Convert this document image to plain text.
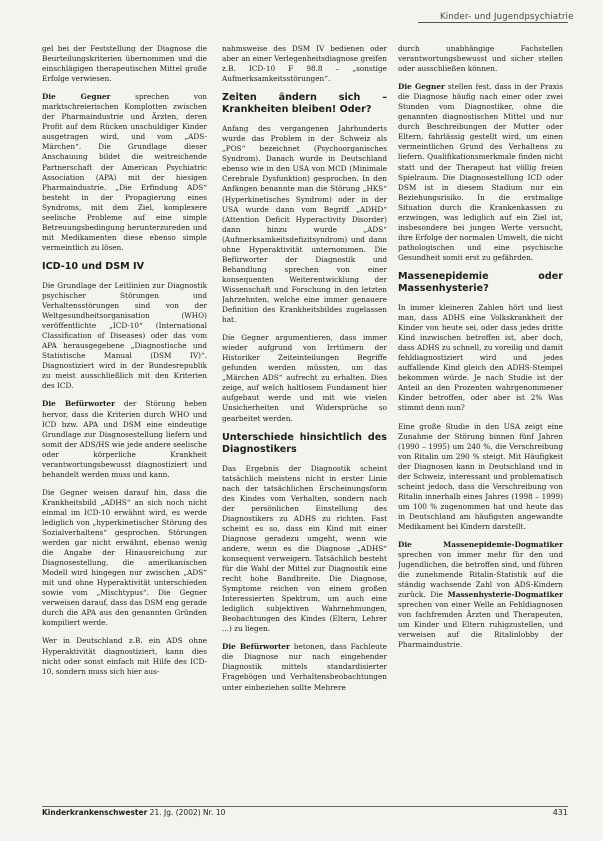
Kinder- und Jugendpsychiatrie

gel bei der Feststellung der Diagnose die Beurteilungskriterien übernommen und die einschlägigen therapeutischen Mittel große Erfolge verwiesen.

Die Gegner sprechen von marktschreierischen Komplotten zwischen der Pharmaindustrie und Ärzten, deren Profit auf dem Rücken unschuldiger Kinder ausgetragen wird, und vom „ADS-Märchen“. Die Grundlage dieser Anschauung bildet die weitreichende Partnerschaft der American Psychiatric Association (APA) mit der hiesigen Pharmaindustrie. „Die Erfindung ADS“ besteht in der Propagierung eines Syndroms, mit dem Ziel, komplexere seelische Probleme auf eine simple Betreuungsbedingung herunterzureden und mit Medikamenten diese ebenso simple vermeintlich zu lösen.

ICD-10 und DSM IV

Die Grundlage der Leitlinien zur Diagnostik psychischer Störungen und Verhaltensstörungen sind von der Weltgesundheitsorganisation (WHO) veröffentlichte „ICD-10“ (International Classification of Diseases) oder das vom APA herausgegebene „Diagnostische und Statistische Manual (DSM IV)“. Diagnostiziert wird in der Bundesrepublik zu meist ausschließlich mit den Kriterien des ICD.

Die Befürworter der Störung heben hervor, dass die Kriterien durch WHO und ICD bzw. APA und DSM eine eindeutige Grundlage zur Diagnosestellung liefern und somit der ADS/HS wie jede andere seelische oder körperliche Krankheit verantwortungsbewusst diagnostiziert und behandelt werden muss und kann.

Die Gegner weisen darauf hin, dass die Krankheitsbild „ADHS“ an sich noch nicht einmal im ICD-10 erwähnt wird, es werde lediglich von „hyperkinetischer Störung des Sozialverhaltens“ gesprochen. Störungen werden gar nicht erwähnt, ebenso wenig die Angabe der Hinausreichung zur Diagnosestellung, die amerikanischen Modell wird hingegen nur zwischen „ADS“ mit und ohne Hyperaktivität unterschieden sowie vom „Mischtypus“. Die Gegner verweisen darauf, dass das DSM eng gerade durch die APA aus den genannten Gründen kompiliert werde.

Wer in Deutschland z.B. ein ADS ohne Hyperaktivität diagnostiziert, kann dies nicht oder sonst einfach mit Hilfe des ICD-10, sondern muss sich hier aus-

nahmsweise des DSM IV bedienen oder aber an einer Verlegenheitsdiagnose greifen z.B. ICD-10 F 98.8 – „sonstige Aufmerksamkeitsstörungen“.

Zeiten ändern sich – Krankheiten bleiben! Oder?

Anfang des vergangenen Jahrhunderts wurde das Problem in der Schweiz als „POS“ bezeichnet (Psychoorganisches Syndrom). Danach wurde in Deutschland ebenso wie in den USA von MCD (Minimale Cerebrale Dysfunktion) gesprochen. In den Anfängen benannte man die Störung „HKS“ (Hyperkinetisches Syndrom) oder in der USA wurde dann vom Begriff „ADHD“ (Attention Deficit Hyperactivity Disorder) dann hinzu wurde „ADS“ (Aufmerksamkeitsdefizitsyndrom) und dann ohne Hyperaktivität unternommen. Die Befürworter der Diagnostik und Behandlung sprechen von einer konsequenten Weiterentwicklung der Wissenschaft und Forschung in den letzten Jahrzehnten, welche eine immer genauere Definition des Krankheitsbildes zugelassen hat.

Die Gegner argumentieren, dass immer wieder aufgrund von Irrtümern der Historiker Zeiteinteilungen Begriffe gefunden werden müssten, um das „Märchen ADS“ aufrecht zu erhalten. Dies zeige, auf welch haltlosem Fundament hier aufgebaut werde und mit wie vielen Unsicherheiten und Widersprüche so gearbeitet werden.

Unterschiede hinsichtlich des Diagnostikers

Das Ergebnis der Diagnostik scheint tatsächlich meistens nicht in erster Linie nach der tatsächlichen Erscheinungsform des Kindes vom Verhalten, sondern nach der persönlichen Einstellung des Diagnostikers zu ADHS zu richten. Fast scheint es so, dass ein Kind mit einer Diagnose geradezu umgeht, wenn wie andere, wenn es die Diagnose „ADHS“ konsequent verweigern. Tatsächlich besteht für die Wahl der Mittel zur Diagnostik eine recht hohe Bandbreite. Die Diagnose, Symptome reichen von einem großen Interessierten Spektrum, um auch eine lediglich subjektiven Wahrnehmungen, Beobachtungen des Kindes (Eltern, Lehrer ...) zu liegen.

Die Befürworter betonen, dass Fachleute die Diagnose nur nach eingehender Diagnostik mittels standardisierter Fragebögen und Verhaltensbeobachtungen unter einbeziehen sollte Mehrere

durch unabhängige Fachstellen verantwortungsbewusst und sicher stellen oder ausschließen können.

Die Gegner stellen fest, dass in der Praxis die Diagnose häufig nach einer oder zwei Stunden vom Diagnostiker, ohne die genannten diagnostischen Mittel und nur durch Beschreibungen der Mutter oder Eltern, fahrlässig gestellt wird, um einen vermeintlichen Grund des Verhaltens zu liefern. Qualifikationsmerkmale finden nicht statt und der Therapeut hat völlig freien Spielraum. Die Diagnosestellung ICD oder DSM ist in diesem Stadium nur ein Beziehungsrisiko. In die erstmalige Situation durch die Krankenkassen zu erzwingen, was lediglich auf ein Ziel ist, insbesondere bei jungen Werte versucht, ihre Erfolge der normalen Umwelt, die nicht pathologischen und eine psychische Gesundheit somit erst zu gefährden.

Massenepidemie oder Massenhysterie?

In immer kleineren Zahlen hört und liest man, dass ADHS eine Volkskrankheit der Kinder von heute sei, oder dass jedes dritte Kind inzwischen betroffen ist, aber doch, dass ADHS zu schnell, zu voreilig und damit fehldiagnostiziert wird und jedes auffallende Kind gleich den ADHS-Stempel bekommen würde. Je nach Studie ist der Anteil an den Prozenten wahrgenommener Kinder betroffen, oder aber ist 2% Was stimmt denn nun?

Eine große Studie in den USA zeigt eine Zunahme der Störung binnen fünf Jahren (1990 – 1995) um 240 %, die Verschreibung von Ritalin um 290 % steigt. Mit Häufigkeit der Diagnosen kann in Deutschland und in der Schweiz, interessant und problematisch scheint jedoch, dass die Verschreibung von Ritalin innerhalb eines Jahres (1998 – 1999) um 100 % zugenommen hat und heute das in Deutschland am häufigsten angewandte Medikament bei Kindern darstellt.

Die Massenepidemie-Dogmatiker sprechen von immer mehr für den und Jugendlichen, die betroffen sind, und führen die zunehmende Ritalin-Statistik auf die ständig wachsende Zahl von ADS-Kindern zurück. Die Massenhysterie-Dogmatiker sprechen von einer Welle an Fehldiagnosen von fachfremden Ärzten und Therapeuten, um Kinder und Eltern ruhigzustellen, und verweisen auf die Ritalinlobby der Pharmaindustrie.

Kinderkrankenschwester 21. Jg. (2002) Nr. 10	431
